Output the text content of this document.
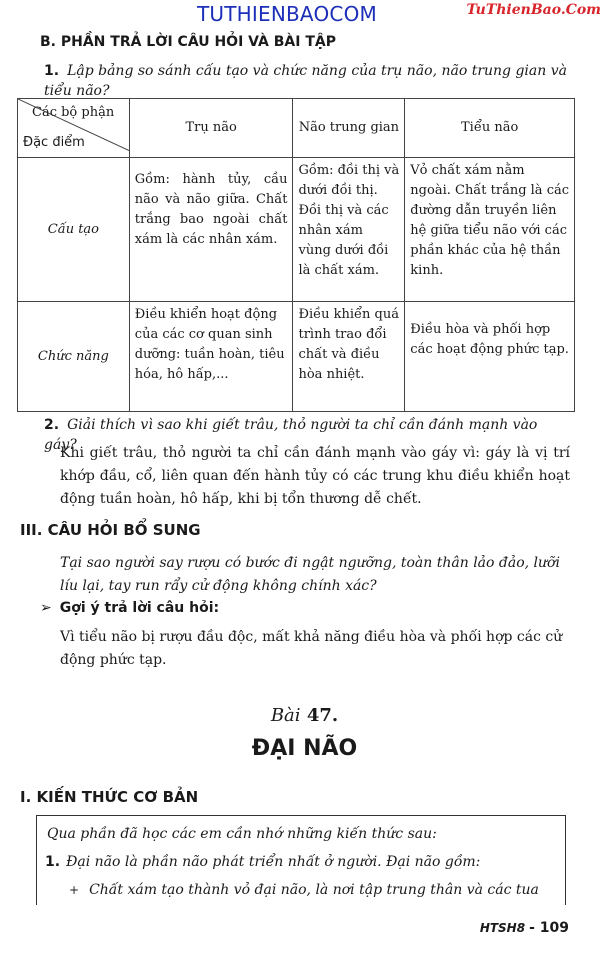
TUTHIENBAOCOM	TuThienBao.Com
B. PHẦN TRẢ LỜI CÂU HỎI VÀ BÀI TẬP
1. Lập bảng so sánh cấu tạo và chức năng của trụ não, não trung gian và tiểu não?
Các bộ phận
Đặc điểm	Trụ não	Não trung gian	Tiểu não
Cấu tạo	Gồm: hành tủy, cầu não và não giữa. Chất trắng bao ngoài chất xám là các nhân xám.	Gồm: đồi thị và dưới đồi thị. Đồi thị và các nhân xám vùng dưới đồi là chất xám.	Vỏ chất xám nằm ngoài. Chất trắng là các đường dẫn truyền liên hệ giữa tiểu não với các phần khác của hệ thần kinh.
Chức năng	Điều khiển hoạt động của các cơ quan sinh dưỡng: tuần hoàn, tiêu hóa, hô hấp,...	Điều khiển quá trình trao đổi chất và điều hòa nhiệt.	Điều hòa và phối hợp các hoạt động phức tạp.
2. Giải thích vì sao khi giết trâu, thỏ người ta chỉ cần đánh mạnh vào gáy?
Khi giết trâu, thỏ người ta chỉ cần đánh mạnh vào gáy vì: gáy là vị trí khớp đầu, cổ, liên quan đến hành tủy có các trung khu điều khiển hoạt động tuần hoàn, hô hấp, khi bị tổn thương dễ chết.
III. CÂU HỎI BỔ SUNG
Tại sao người say rượu có bước đi ngật ngưỡng, toàn thân lảo đảo, lưỡi líu lại, tay run rẩy cử động không chính xác?
➢ Gợi ý trả lời câu hỏi:
Vì tiểu não bị rượu đầu độc, mất khả năng điều hòa và phối hợp các cử động phức tạp.
Bài 47.
ĐẠI NÃO
I. KIẾN THỨC CƠ BẢN
Qua phần đã học các em cần nhớ những kiến thức sau:
1. Đại não là phần não phát triển nhất ở người. Đại não gồm:
+ Chất xám tạo thành vỏ đại não, là nơi tập trung thân và các tua
HTSH8 - 109
